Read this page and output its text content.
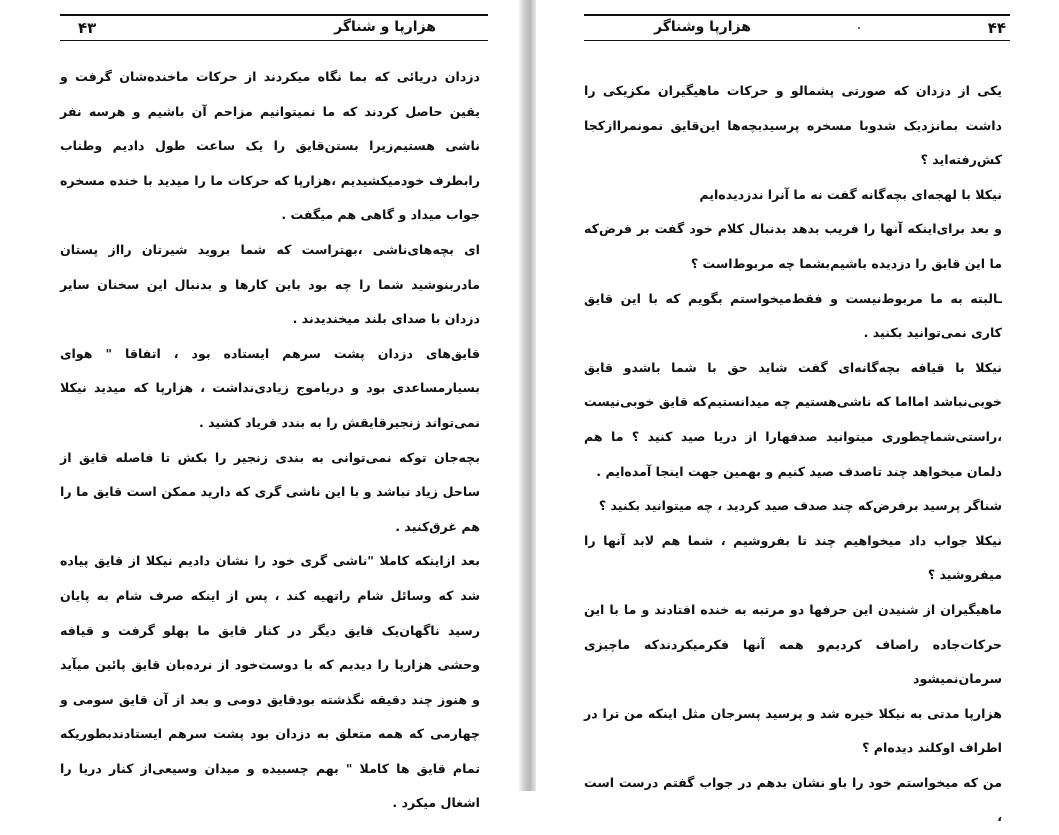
هزارپا و شناگر
۴۳

دزدان دریائی که بما نگاه میکردند از حرکات ماخنده‌شان گرفت و یقین حاصل کردند که ما نمیتوانیم مزاحم آن باشیم و هرسه نفر ناشی هستیم‌زیرا بستن‌قایق را یک ساعت طول دادیم وطناب رابطرف خودمیکشیدیم ،هزارپا که حرکات ما را میدید با خنده مسخره جواب میداد و گاهی هم میگفت .

ای بچه‌های‌ناشی ،بهتراست که شما بروید شیرتان رااز پستان مادربنوشید شما را چه بود باین کارها و بدنبال این سخنان سایر دزدان با صدای بلند میخندیدند .

قایق‌های دزدان پشت سرهم ایستاده بود ، اتفاقا " هوای بسیارمساعدی بود و دریاموج زیادی‌نداشت ، هزارپا که میدید نیکلا نمی‌تواند زنجیرقایقش را به بندد فریاد کشید .

بچه‌جان توکه نمی‌توانی به بندی زنجیر را بکش تا فاصله قایق از ساحل زیاد نباشد و با این ناشی گری که دارید ممکن است قایق ما را هم غرق‌کنید .

بعد ازاینکه کاملا "ناشی گری خود را نشان دادیم نیکلا از قایق پیاده شد که وسائل شام راتهیه کند ، پس از اینکه صرف شام به پایان رسید ناگهان‌یک قایق دیگر در کنار قایق ما پهلو گرفت و قیافه وحشی هزارپا را دیدیم که با دوست‌خود از نرده‌بان قایق پائین میآید و هنوز چند دقیقه نگذشته بودقایق دومی و بعد از آن قایق سومی و چهارمی که همه متعلق به دزدان بود پشت سرهم ایستادندبطوریکه تمام قایق ها کاملا " بهم چسبیده و میدان وسیعی‌از کنار دریا را اشغال میکرد .

هزارپا وشناگر	۴۴

یکی از دزدان که صورتی پشمالو و حرکات ماهیگیران مکزیکی را داشت بمانزدیک شدوبا مسخره پرسیدبچه‌ها این‌قایق نمونمرااز‌کجا کش‌رفته‌اید ؟

نیکلا با لهجه‌ای بچه‌گانه گفت نه ما آنرا ندزدیده‌ایم

و بعد برای‌اینکه آنها را فریب بدهد بدنبال کلام خود گفت بر فرض‌که ما این قایق را دزدیده باشیم‌بشما چه مربوط‌است ؟

ـالبته به ما مربوط‌نیست و فقط‌میخواستم بگویم که با این قایق کاری نمی‌توانید بکنید .

نیکلا با قیافه بچه‌گانه‌ای گفت شاید حق با شما باشدو قایق خوبی‌نباشد امااما که ناشی‌هستیم چه میدانستیم‌که قایق خوبی‌نیست ،راستی‌شما‌چطوری میتوانید صدفهارا از دریا صید کنید ؟ ما هم دلمان میخواهد چند تاصدف صید کنیم و بهمین جهت اینجا آمده‌ایم .

شناگر پرسید برفرض‌که چند صدف صید کردید ، چه میتوانید بکنید ؟

نیکلا جواب داد میخواهیم چند تا بفروشیم ، شما هم لابد آنها را میفروشید ؟

ماهیگیران از شنیدن این حرفها دو مرتبه به خنده افتادند و ما با این حرکات‌جاده راصاف کردیم‌و همه آنها فکرمیکردندکه ماچیزی سرمان‌نمیشود

هزارپا مدتی به نیکلا خیره شد و پرسید پسرجان مثل اینکه من ترا در اطراف اوکلند دیده‌ام ؟

من که میخواستم خود را باو نشان بدهم در جواب گفتم درست است ،
